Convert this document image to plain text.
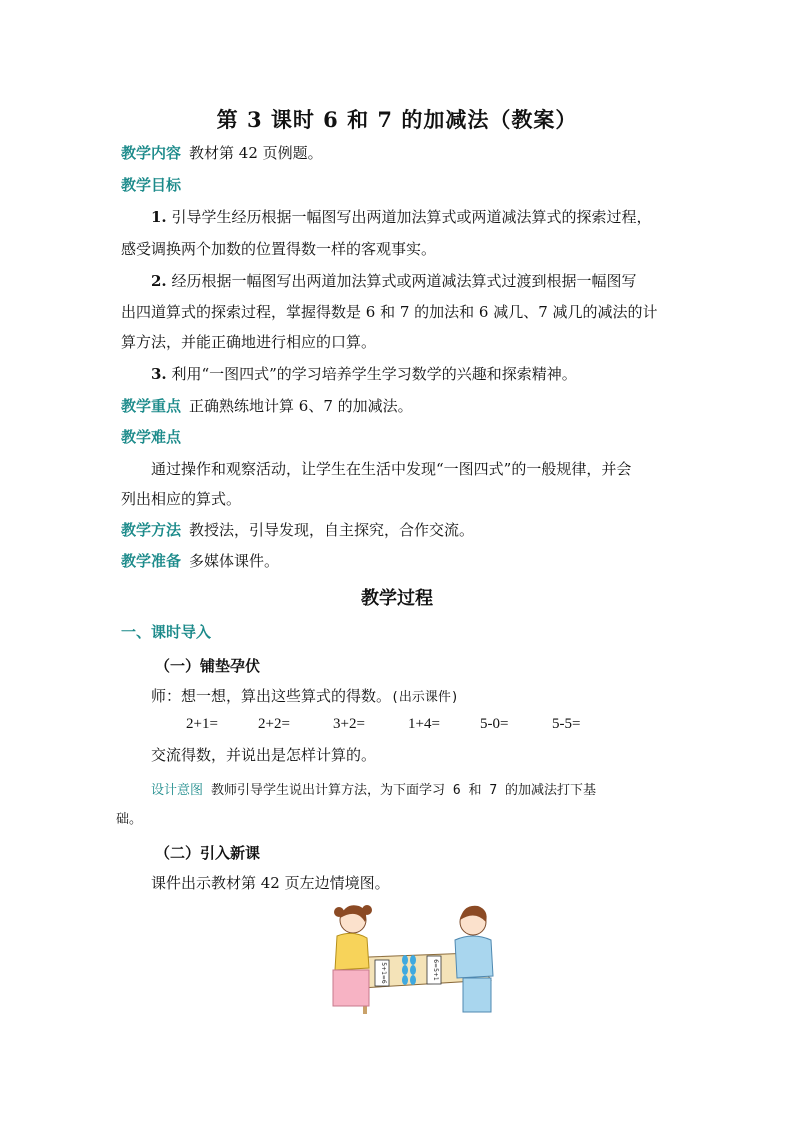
第 3 课时 6 和 7 的加减法（教案）
教学内容 教材第 42 页例题。
教学目标
1. 引导学生经历根据一幅图写出两道加法算式或两道减法算式的探索过程，
感受调换两个加数的位置得数一样的客观事实。
2. 经历根据一幅图写出两道加法算式或两道减法算式过渡到根据一幅图写
出四道算式的探索过程，掌握得数是 6 和 7 的加法和 6 减几、7 减几的减法的计
算方法，并能正确地进行相应的口算。
3. 利用“一图四式”的学习培养学生学习数学的兴趣和探索精神。
教学重点 正确熟练地计算 6、7 的加减法。
教学难点
通过操作和观察活动，让学生在生活中发现“一图四式”的一般规律，并会
列出相应的算式。
教学方法 教授法，引导发现，自主探究，合作交流。
教学准备 多媒体课件。
教学过程
一、课时导入
（一）铺垫孕伏
师：想一想，算出这些算式的得数。(出示课件)
2+1=	2+2=	3+2=	1+4=	5-0=	5-5=
交流得数，并说出是怎样计算的。
设计意图 教师引导学生说出计算方法，为下面学习 6 和 7 的加减法打下基
础。
（二）引入新课
课件出示教材第 42 页左边情境图。
5+1=6	6=5+1
